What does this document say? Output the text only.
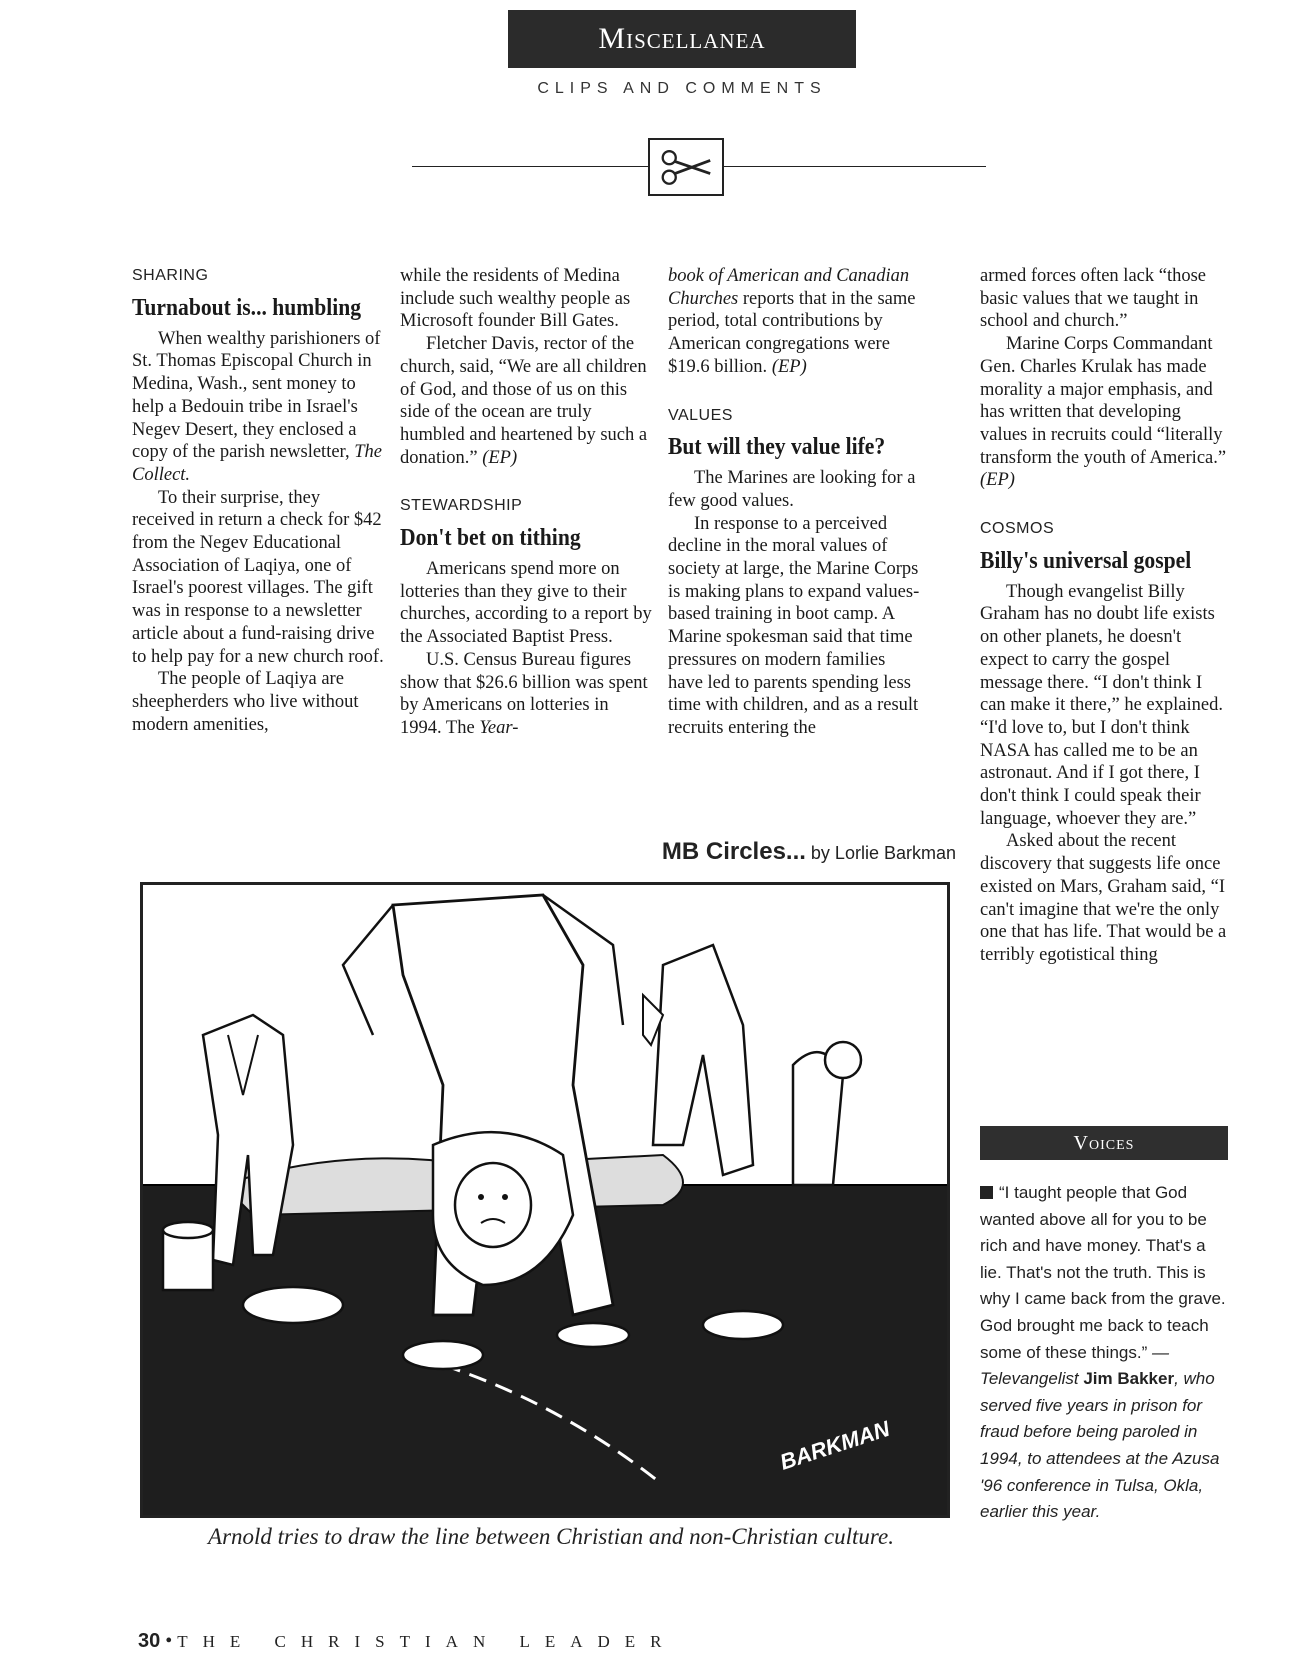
Miscellanea
CLIPS AND COMMENTS
SHARING
Turnabout is... humbling

When wealthy parishioners of St. Thomas Episcopal Church in Medina, Wash., sent money to help a Bedouin tribe in Israel's Negev Desert, they enclosed a copy of the parish newsletter, The Collect.

To their surprise, they received in return a check for $42 from the Negev Educational Association of Laqiya, one of Israel's poorest villages. The gift was in response to a newsletter article about a fund-raising drive to help pay for a new church roof.

The people of Laqiya are sheepherders who live without modern amenities,

while the residents of Medina include such wealthy people as Microsoft founder Bill Gates.

Fletcher Davis, rector of the church, said, “We are all children of God, and those of us on this side of the ocean are truly humbled and heartened by such a donation.” (EP)

STEWARDSHIP
Don't bet on tithing

Americans spend more on lotteries than they give to their churches, according to a report by the Associated Baptist Press.

U.S. Census Bureau figures show that $26.6 billion was spent by Americans on lotteries in 1994. The Year-

book of American and Canadian Churches reports that in the same period, total contributions by American congregations were $19.6 billion. (EP)

VALUES
But will they value life?

The Marines are looking for a few good values.

In response to a perceived decline in the moral values of society at large, the Marine Corps is making plans to expand values-based training in boot camp. A Marine spokesman said that time pressures on modern families have led to parents spending less time with children, and as a result recruits entering the

armed forces often lack “those basic values that we taught in school and church.”

Marine Corps Commandant Gen. Charles Krulak has made morality a major emphasis, and has written that developing values in recruits could “literally transform the youth of America.” (EP)

COSMOS
Billy's universal gospel

Though evangelist Billy Graham has no doubt life exists on other planets, he doesn't expect to carry the gospel message there. “I don't think I can make it there,” he explained. “I'd love to, but I don't think NASA has called me to be an astronaut. And if I got there, I don't think I could speak their language, whoever they are.”

Asked about the recent discovery that suggests life once existed on Mars, Graham said, “I can't imagine that we're the only one that has life. That would be a terribly egotistical thing

MB Circles... by Lorlie Barkman
BARKMAN
Arnold tries to draw the line between Christian and non-Christian culture.
Voices
“I taught people that God wanted above all for you to be rich and have money. That's a lie. That's not the truth. This is why I came back from the grave. God brought me back to teach some of these things.” —Televangelist Jim Bakker, who served five years in prison for fraud before being paroled in 1994, to attendees at the Azusa '96 conference in Tulsa, Okla, earlier this year.
30 • THE CHRISTIAN LEADER
